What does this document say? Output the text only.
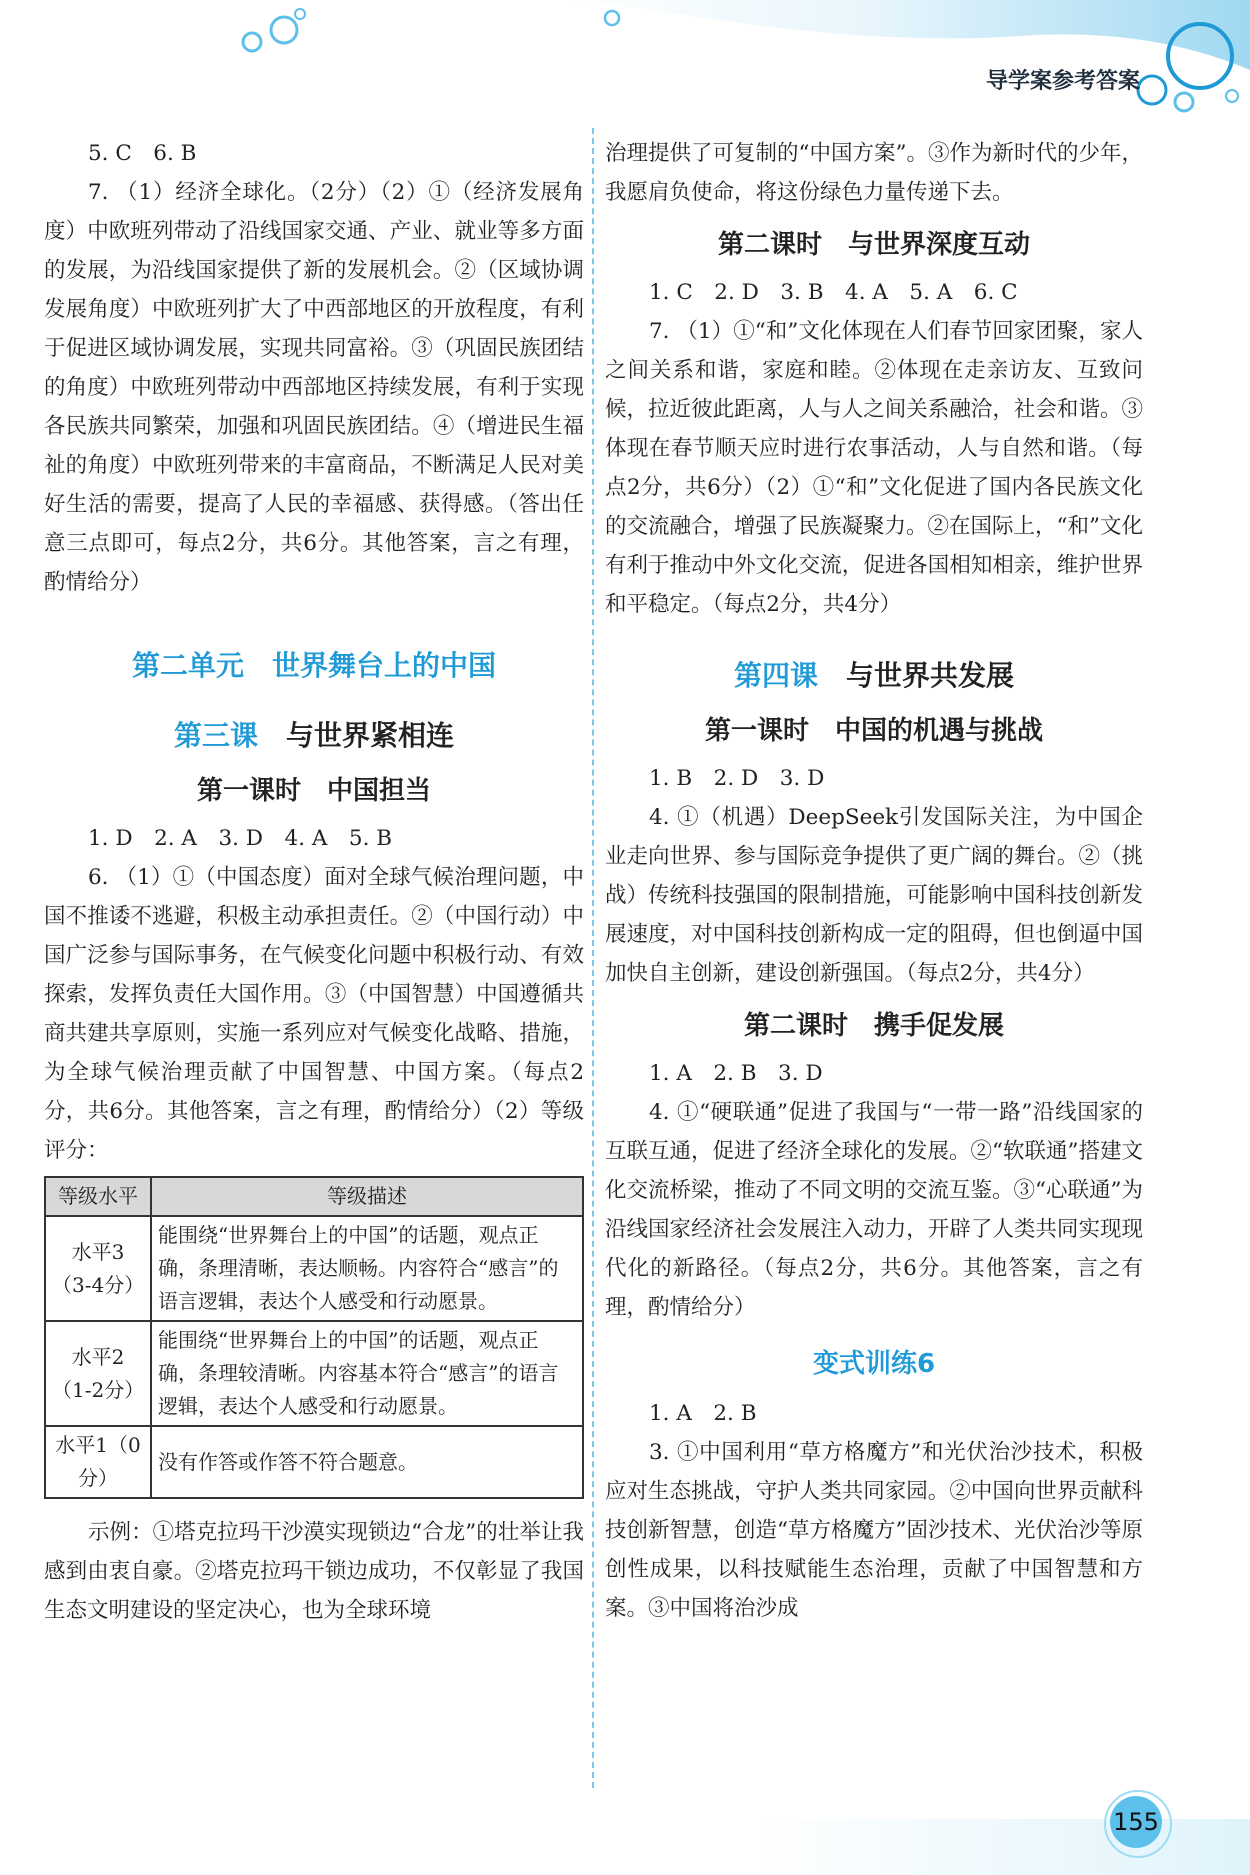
导学案参考答案

5. C　6. B

7. （1）经济全球化。（2分）（2）①（经济发展角度）中欧班列带动了沿线国家交通、产业、就业等多方面的发展，为沿线国家提供了新的发展机会。②（区域协调发展角度）中欧班列扩大了中西部地区的开放程度，有利于促进区域协调发展，实现共同富裕。③（巩固民族团结的角度）中欧班列带动中西部地区持续发展，有利于实现各民族共同繁荣，加强和巩固民族团结。④（增进民生福祉的角度）中欧班列带来的丰富商品，不断满足人民对美好生活的需要，提高了人民的幸福感、获得感。（答出任意三点即可，每点2分，共6分。其他答案，言之有理，酌情给分）

第二单元　世界舞台上的中国
第三课 与世界紧相连
第一课时　中国担当

1. D　2. A　3. D　4. A　5. B

6. （1）①（中国态度）面对全球气候治理问题，中国不推诿不逃避，积极主动承担责任。②（中国行动）中国广泛参与国际事务，在气候变化问题中积极行动、有效探索，发挥负责任大国作用。③（中国智慧）中国遵循共商共建共享原则，实施一系列应对气候变化战略、措施，为全球气候治理贡献了中国智慧、中国方案。（每点2分，共6分。其他答案，言之有理，酌情给分）（2）等级评分：

等级水平	等级描述
水平3（3-4分）	能围绕“世界舞台上的中国”的话题，观点正确，条理清晰，表达顺畅。内容符合“感言”的语言逻辑，表达个人感受和行动愿景。
水平2（1-2分）	能围绕“世界舞台上的中国”的话题，观点正确，条理较清晰。内容基本符合“感言”的语言逻辑，表达个人感受和行动愿景。
水平1（0分）	没有作答或作答不符合题意。

示例：①塔克拉玛干沙漠实现锁边“合龙”的壮举让我感到由衷自豪。②塔克拉玛干锁边成功，不仅彰显了我国生态文明建设的坚定决心，也为全球环境

治理提供了可复制的“中国方案”。③作为新时代的少年，我愿肩负使命，将这份绿色力量传递下去。

第二课时　与世界深度互动

1. C　2. D　3. B　4. A　5. A　6. C

7. （1）①“和”文化体现在人们春节回家团聚，家人之间关系和谐，家庭和睦。②体现在走亲访友、互致问候，拉近彼此距离，人与人之间关系融洽，社会和谐。③体现在春节顺天应时进行农事活动，人与自然和谐。（每点2分，共6分）（2）①“和”文化促进了国内各民族文化的交流融合，增强了民族凝聚力。②在国际上，“和”文化有利于推动中外文化交流，促进各国相知相亲，维护世界和平稳定。（每点2分，共4分）

第四课 与世界共发展
第一课时　中国的机遇与挑战

1. B　2. D　3. D

4. ①（机遇）DeepSeek引发国际关注，为中国企业走向世界、参与国际竞争提供了更广阔的舞台。②（挑战）传统科技强国的限制措施，可能影响中国科技创新发展速度，对中国科技创新构成一定的阻碍，但也倒逼中国加快自主创新，建设创新强国。（每点2分，共4分）

第二课时　携手促发展

1. A　2. B　3. D

4. ①“硬联通”促进了我国与“一带一路”沿线国家的互联互通，促进了经济全球化的发展。②“软联通”搭建文化交流桥梁，推动了不同文明的交流互鉴。③“心联通”为沿线国家经济社会发展注入动力，开辟了人类共同实现现代化的新路径。（每点2分，共6分。其他答案，言之有理，酌情给分）

变式训练6

1. A　2. B

3. ①中国利用“草方格魔方”和光伏治沙技术，积极应对生态挑战，守护人类共同家园。②中国向世界贡献科技创新智慧，创造“草方格魔方”固沙技术、光伏治沙等原创性成果，以科技赋能生态治理，贡献了中国智慧和方案。③中国将治沙成

155
